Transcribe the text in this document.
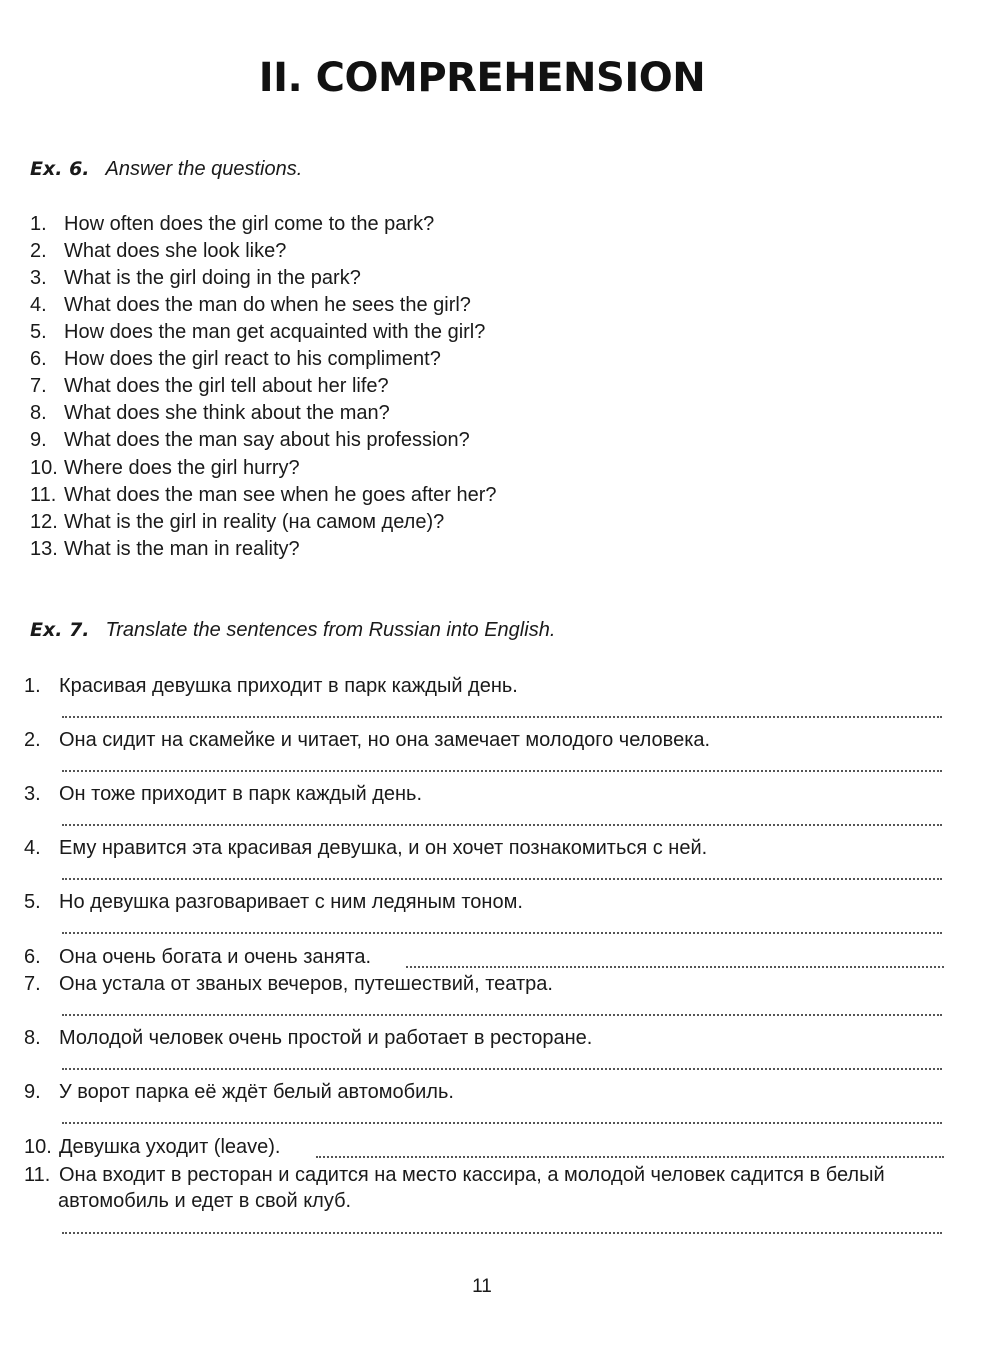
II. COMPREHENSION
Ex. 6. Answer the questions.
1. How often does the girl come to the park?
2. What does she look like?
3. What is the girl doing in the park?
4. What does the man do when he sees the girl?
5. How does the man get acquainted with the girl?
6. How does the girl react to his compliment?
7. What does the girl tell about her life?
8. What does she think about the man?
9. What does the man say about his profession?
10. Where does the girl hurry?
11. What does the man see when he goes after her?
12. What is the girl in reality (на самом деле)?
13. What is the man in reality?
Ex. 7. Translate the sentences from Russian into English.
1. Красивая девушка приходит в парк каждый день.
2. Она сидит на скамейке и читает, но она замечает молодого человека.
3. Он тоже приходит в парк каждый день.
4. Ему нравится эта красивая девушка, и он хочет познакомиться с ней.
5. Но девушка разговаривает с ним ледяным тоном.
6. Она очень богата и очень занята.
7. Она устала от званых вечеров, путешествий, театра.
8. Молодой человек очень простой и работает в ресторане.
9. У ворот парка её ждёт белый автомобиль.
10. Девушка уходит (leave).
11. Она входит в ресторан и садится на место кассира, а молодой человек садится в белый
автомобиль и едет в свой клуб.
11
